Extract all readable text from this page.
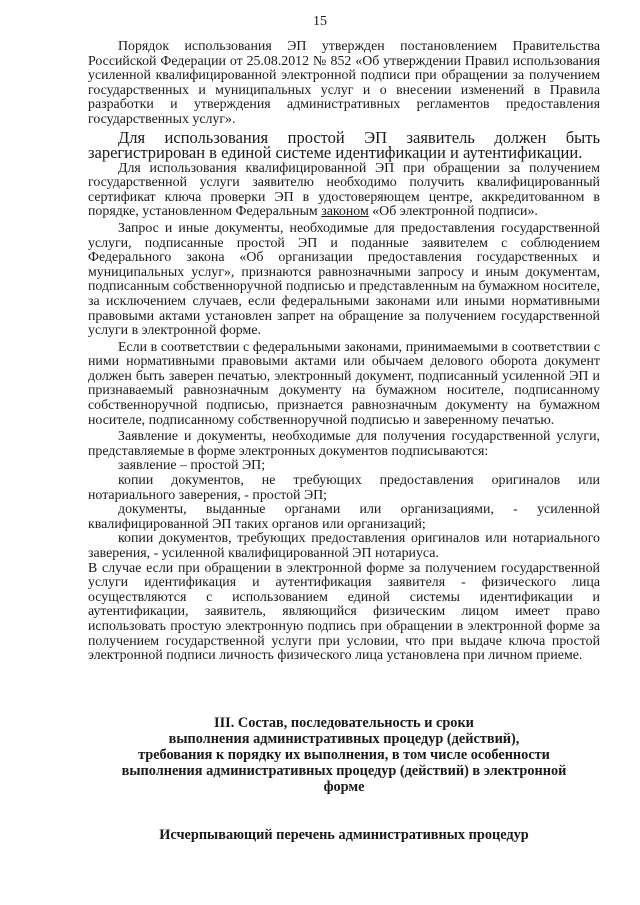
15

Порядок использования ЭП утвержден постановлением Правительства Российской Федерации от 25.08.2012 № 852 «Об утверждении Правил использования усиленной квалифицированной электронной подписи при обращении за получением государственных и муниципальных услуг и о внесении изменений в Правила разработки и утверждения административных регламентов предоставления государственных услуг».

Для использования простой ЭП заявитель должен быть зарегистрирован в единой системе идентификации и аутентификации.

Для использования квалифицированной ЭП при обращении за получением государственной услуги заявителю необходимо получить квалифицированный сертификат ключа проверки ЭП в удостоверяющем центре, аккредитованном в порядке, установленном Федеральным законом «Об электронной подписи».

Запрос и иные документы, необходимые для предоставления государственной услуги, подписанные простой ЭП и поданные заявителем с соблюдением Федерального закона «Об организации предоставления государственных и муниципальных услуг», признаются равнозначными запросу и иным документам, подписанным собственноручной подписью и представленным на бумажном носителе, за исключением случаев, если федеральными законами или иными нормативными правовыми актами установлен запрет на обращение за получением государственной услуги в электронной форме.

Если в соответствии с федеральными законами, принимаемыми в соответствии с ними нормативными правовыми актами или обычаем делового оборота документ должен быть заверен печатью, электронный документ, подписанный усиленной ЭП и признаваемый равнозначным документу на бумажном носителе, подписанному собственноручной подписью, признается равнозначным документу на бумажном носителе, подписанному собственноручной подписью и заверенному печатью.

Заявление и документы, необходимые для получения государственной услуги, представляемые в форме электронных документов подписываются:

заявление – простой ЭП;

копии документов, не требующих предоставления оригиналов или нотариального заверения, - простой ЭП;

документы, выданные органами или организациями, - усиленной квалифицированной ЭП таких органов или организаций;

копии документов, требующих предоставления оригиналов или нотариального заверения, - усиленной квалифицированной ЭП нотариуса.

В случае если при обращении в электронной форме за получением государственной услуги идентификация и аутентификация заявителя - физического лица осуществляются с использованием единой системы идентификации и аутентификации, заявитель, являющийся физическим лицом имеет право использовать простую электронную подпись при обращении в электронной форме за получением государственной услуги при условии, что при выдаче ключа простой электронной подписи личность физического лица установлена при личном приеме.

III. Состав, последовательность и сроки
выполнения административных процедур (действий),
требования к порядку их выполнения, в том числе особенности
выполнения административных процедур (действий) в электронной
форме
Исчерпывающий перечень административных процедур
